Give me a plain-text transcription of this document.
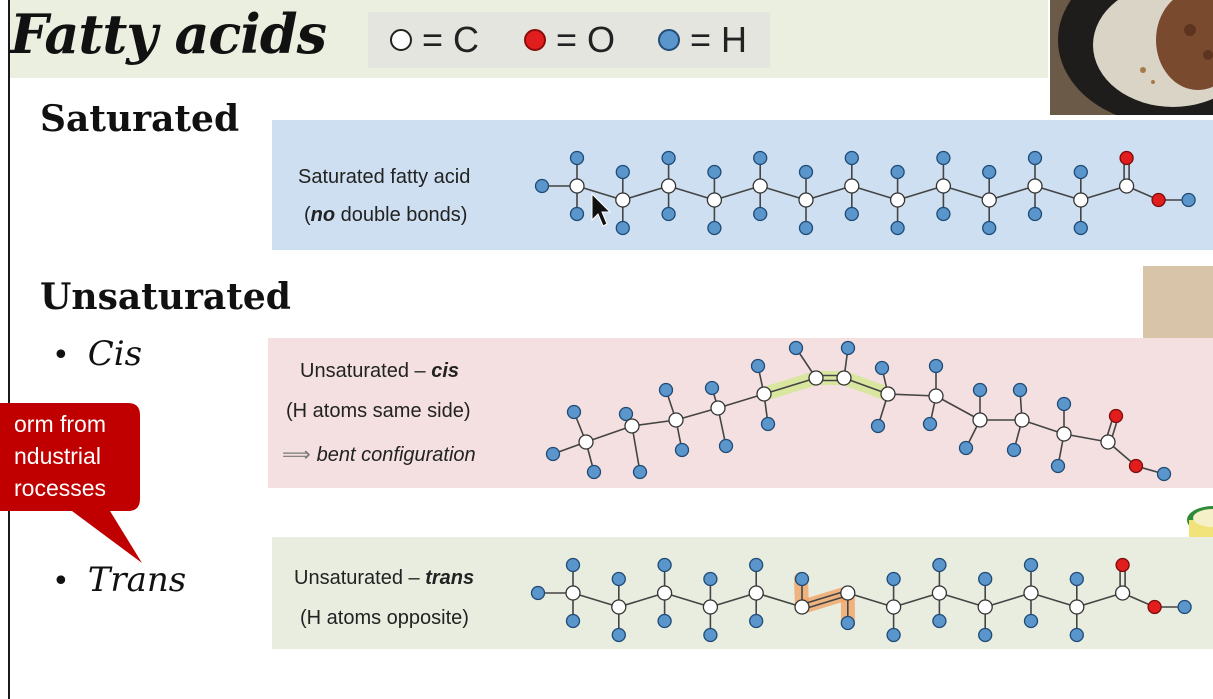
Fatty acids	= C = O = H
Saturated
Unsaturated
• Cis
• Trans
orm from
ndustrial
rocesses
Saturated fatty acid
(no double bonds)
Unsaturated – cis
(H atoms same side)
⟹ bent configuration
Unsaturated – trans
(H atoms opposite)
